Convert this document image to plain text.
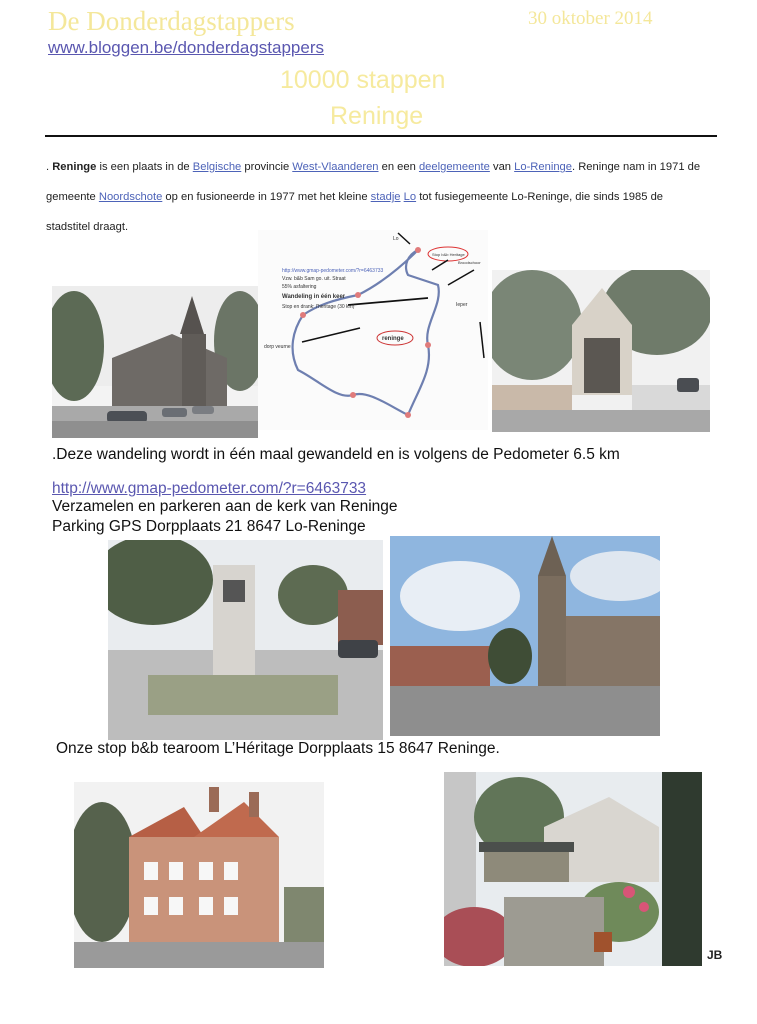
De Donderdagstappers	30 oktober 2014
www.bloggen.be/donderdagstappers
10000 stappen
Reninge
. Reninge is een plaats in de Belgische provincie West-Vlaanderen en een deelgemeente van Lo-Reninge. Reninge nam in 1971 de gemeente Noordschote op en fusioneerde in 1977 met het kleine stadje Lo tot fusiegemeente Lo-Reninge, die sinds 1985 de stadstitel draagt.
Lo
Ieper
dorp veurne
http://www.gmap-pedometer.com/?r=6463733
Vzw. b&b Sam go. uit. Straat
55% asfaltering
Wandeling in één keer
Stop en drank: l'heritage (30 km)
reninge
Stop b&b Heritage
Broodschoor
.Deze wandeling wordt in één maal gewandeld en is volgens de Pedometer 6.5 km
http://www.gmap-pedometer.com/?r=6463733
Verzamelen en parkeren aan de kerk van Reninge
Parking GPS Dorpplaats 21 8647 Lo-Reninge
Onze stop b&b tearoom L’Héritage Dorpplaats 15 8647 Reninge.
JB
